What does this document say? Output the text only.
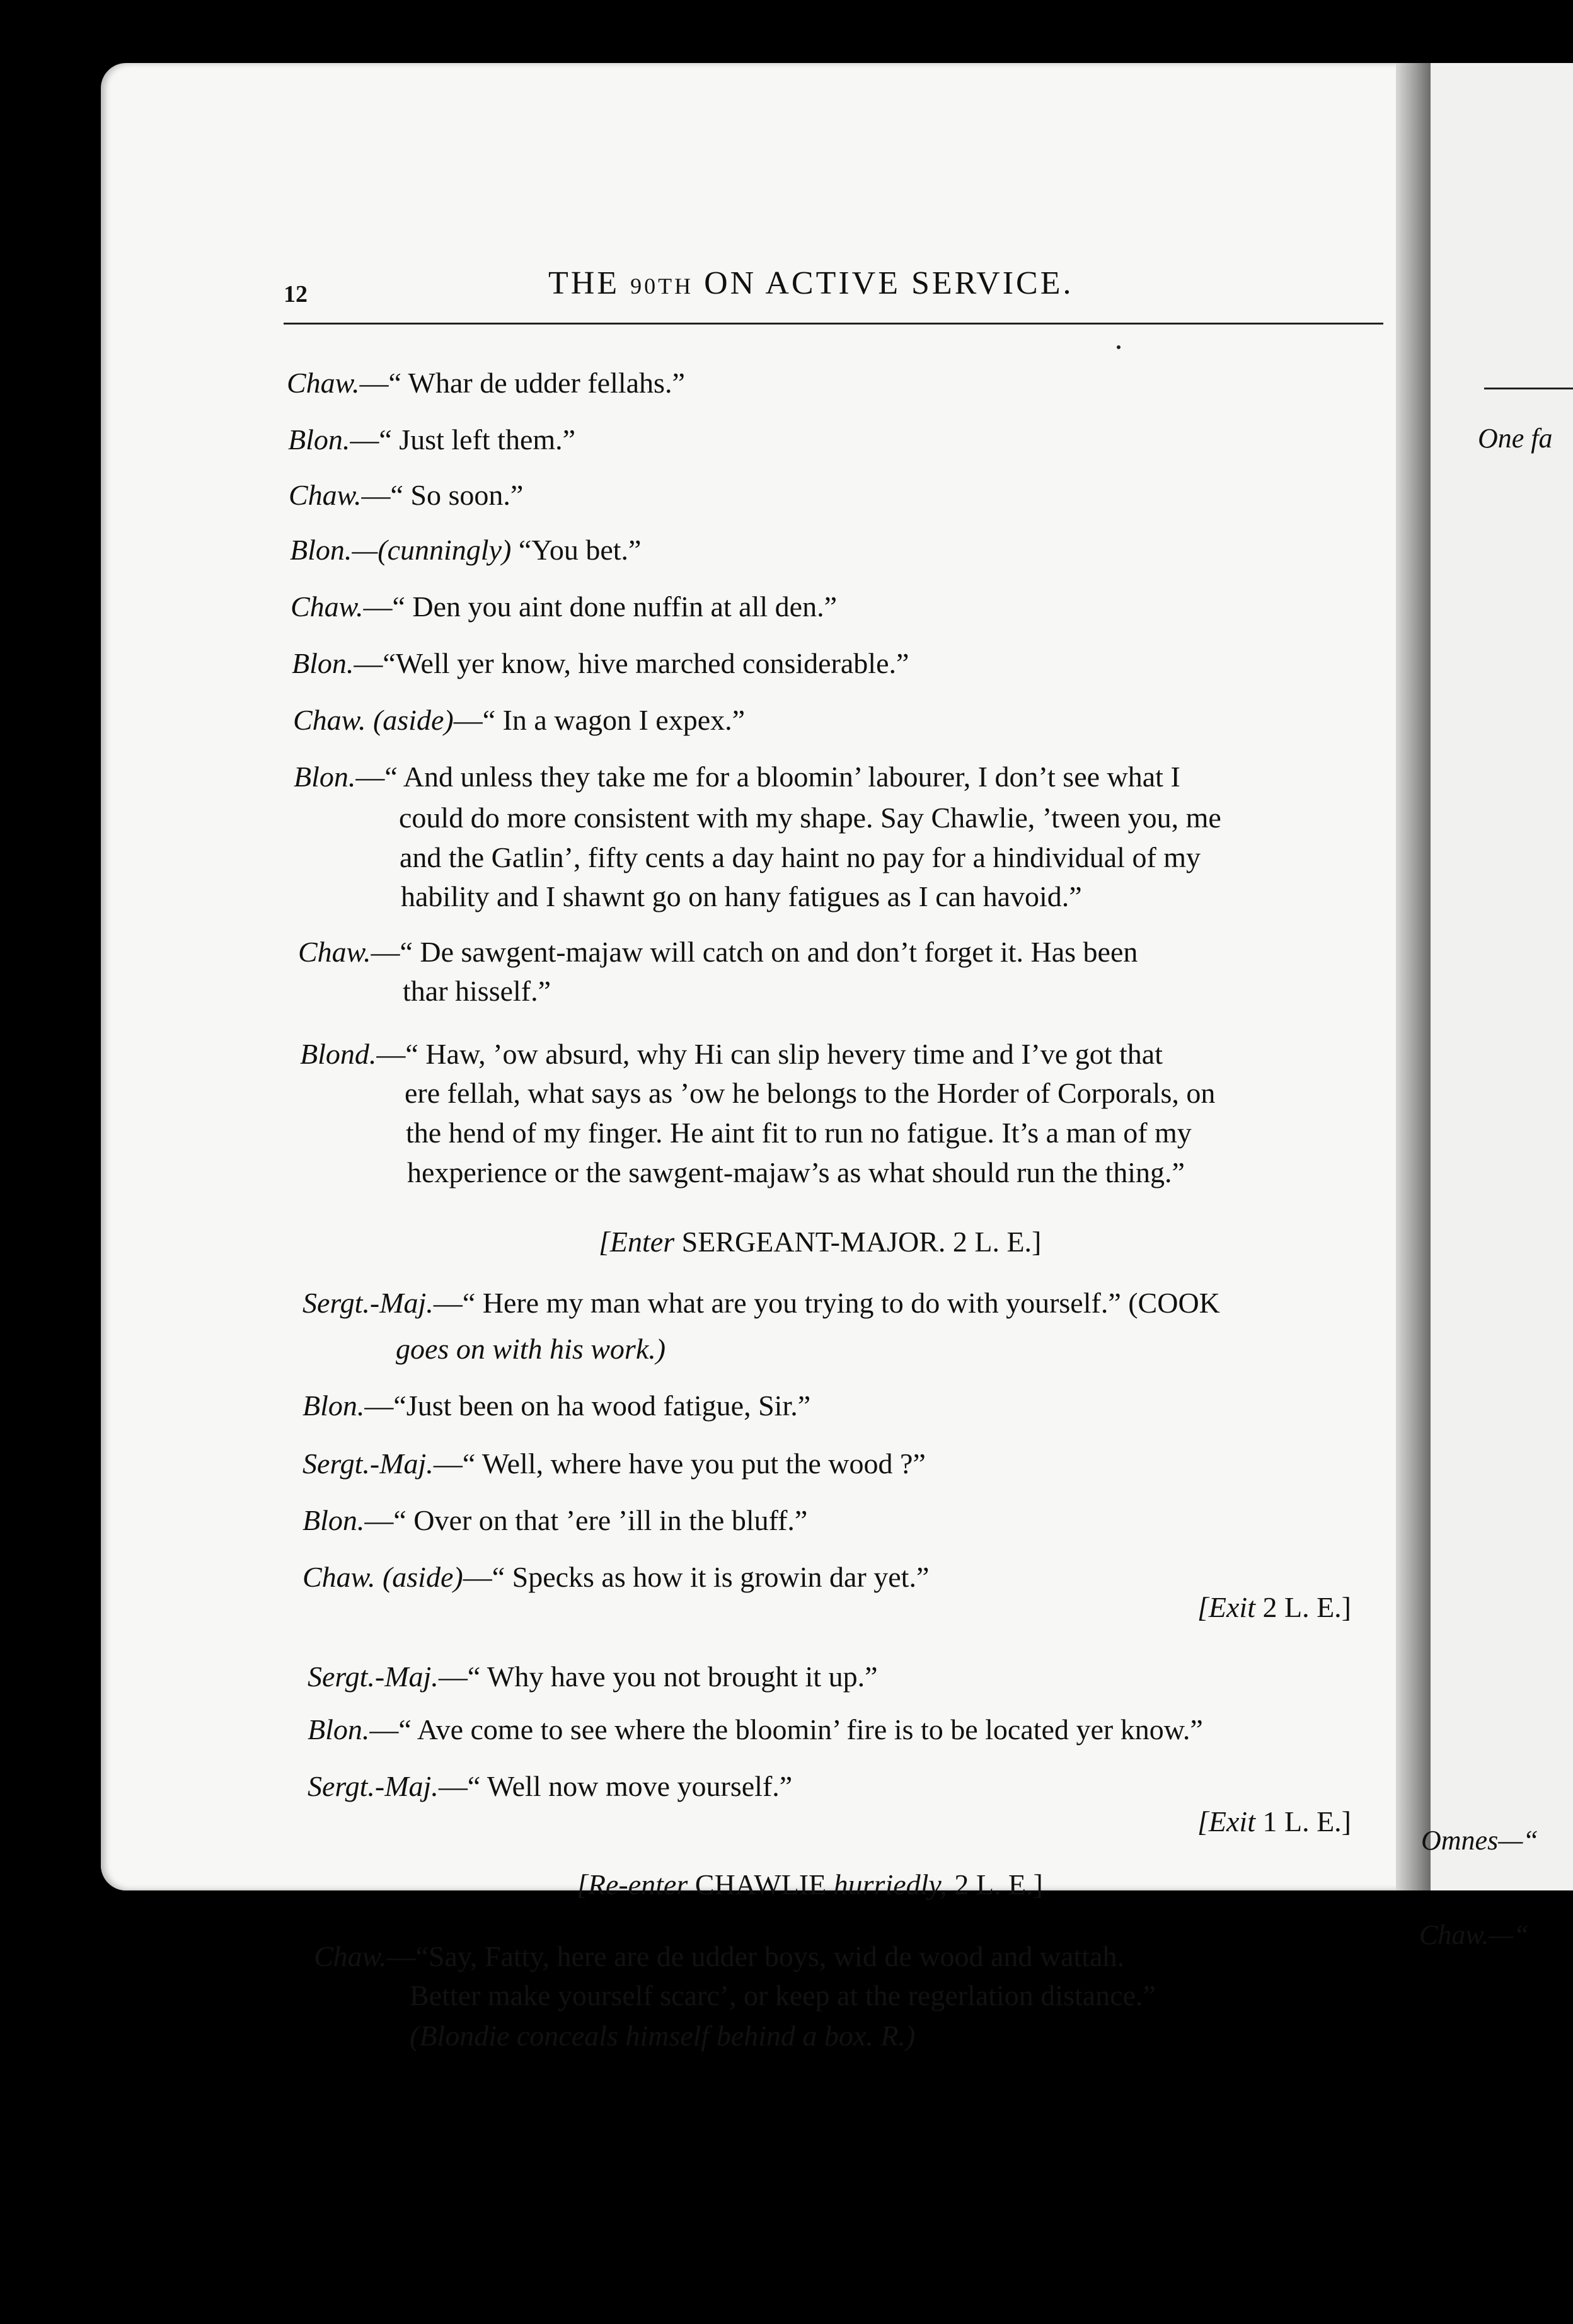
One fa
Omnes—“
Chaw.—“
THE 90TH ON ACTIVE SERVICE.
12
Chaw.—“ Whar de udder fellahs.”
Blon.—“ Just left them.”
Chaw.—“ So soon.”
Blon.—(cunningly) “You bet.”
Chaw.—“ Den you aint done nuffin at all den.”
Blon.—“Well yer know, hive marched considerable.”
Chaw. (aside)—“ In a wagon I expex.”
Blon.—“ And unless they take me for a bloomin’ labourer, I don’t see what I
could do more consistent with my shape. Say Chawlie, ’tween you, me
and the Gatlin’, fifty cents a day haint no pay for a hindividual of my
hability and I shawnt go on hany fatigues as I can havoid.”
Chaw.—“ De sawgent-majaw will catch on and don’t forget it. Has been
thar hisself.”
Blond.—“ Haw, ’ow absurd, why Hi can slip hevery time and I’ve got that
ere fellah, what says as ’ow he belongs to the Horder of Corporals, on
the hend of my finger. He aint fit to run no fatigue. It’s a man of my
hexperience or the sawgent-majaw’s as what should run the thing.”
[Enter SERGEANT-MAJOR. 2 L. E.]
Sergt.-Maj.—“ Here my man what are you trying to do with yourself.” (COOK
goes on with his work.)
Blon.—“Just been on ha wood fatigue, Sir.”
Sergt.-Maj.—“ Well, where have you put the wood ?”
Blon.—“ Over on that ’ere ’ill in the bluff.”
Chaw. (aside)—“ Specks as how it is growin dar yet.”
[Exit 2 L. E.]
Sergt.-Maj.—“ Why have you not brought it up.”
Blon.—“ Ave come to see where the bloomin’ fire is to be located yer know.”
Sergt.-Maj.—“ Well now move yourself.”
[Exit 1 L. E.]
[Re-enter CHAWLIE hurriedly, 2 L. E.]
Chaw.—“Say, Fatty, here are de udder boys, wid de wood and wattah.
Better make yourself scarc’, or keep at the regerlation distance.”
(Blondie conceals himself behind a box. R.)
